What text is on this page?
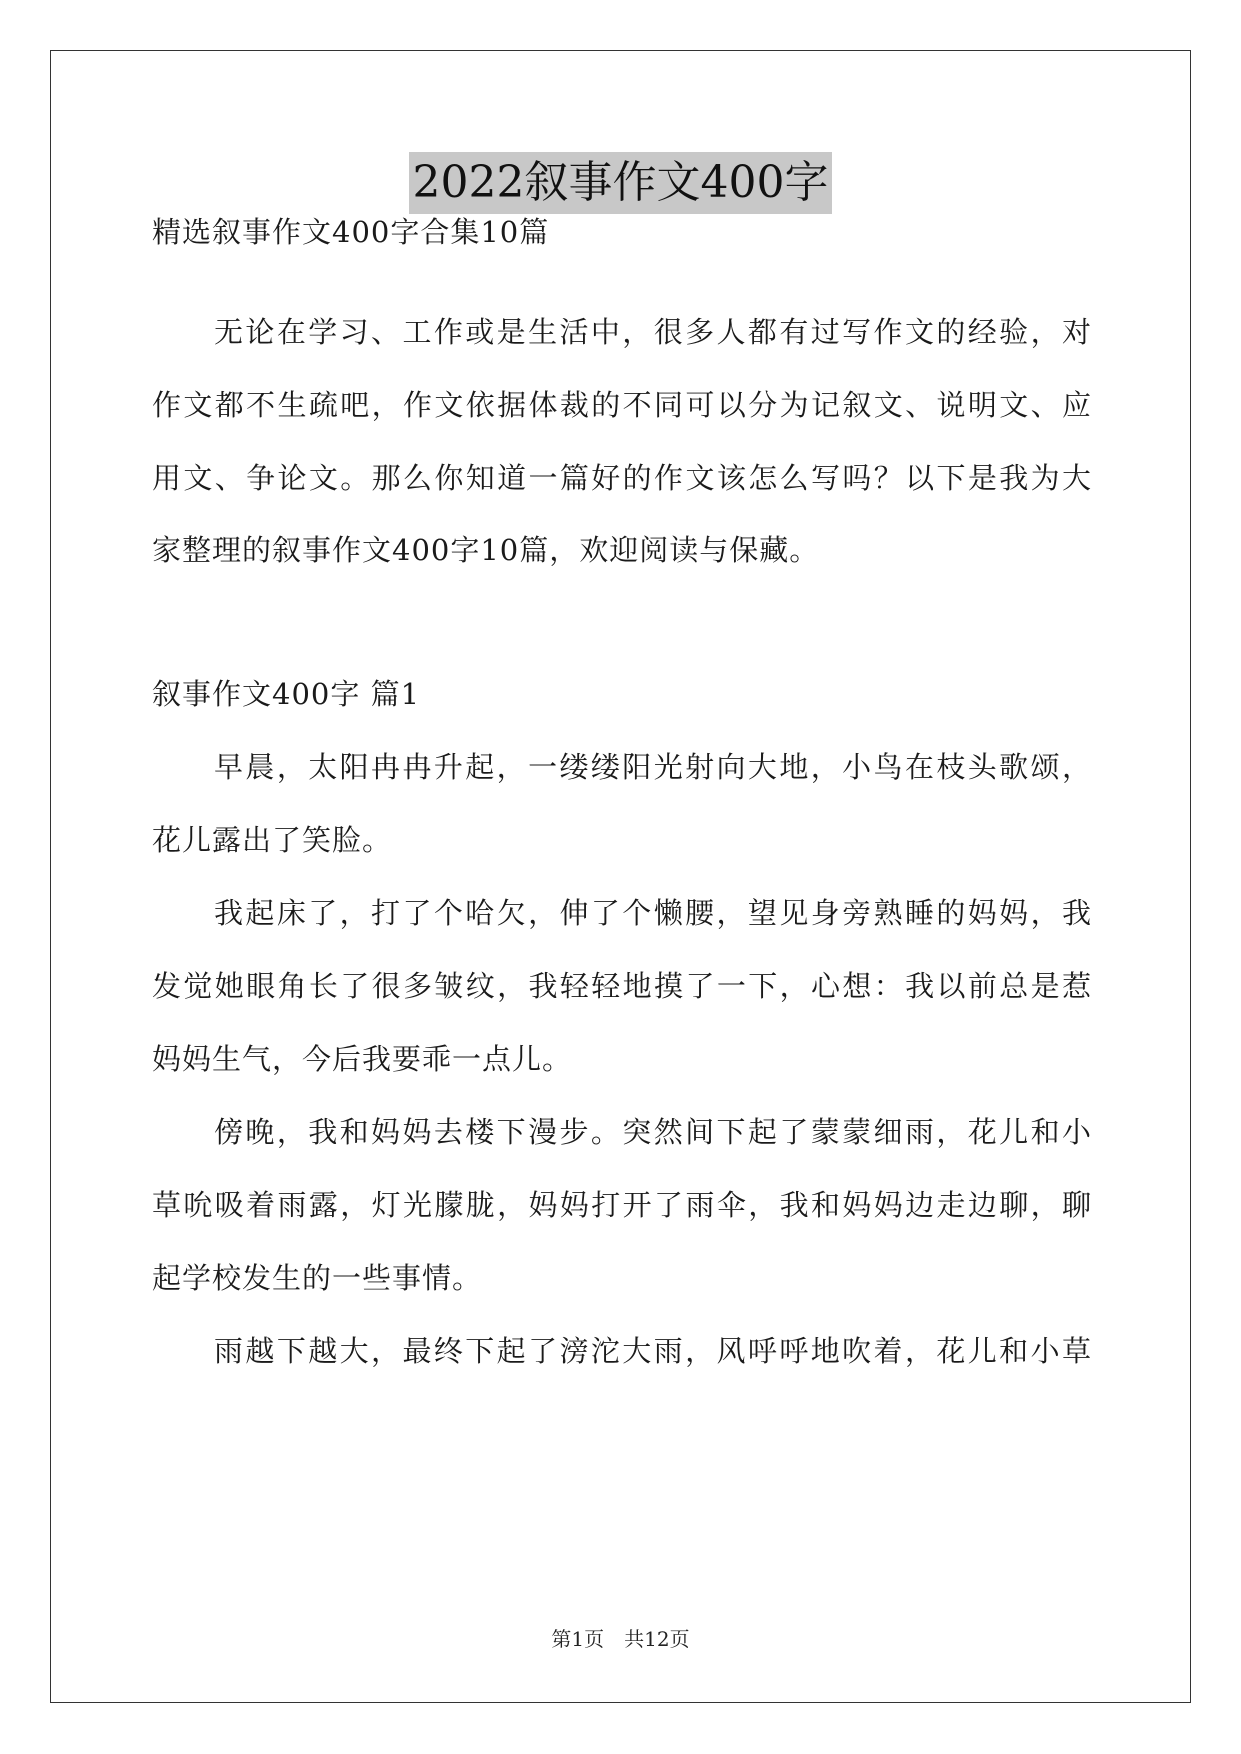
2022叙事作文400字
精选叙事作文400字合集10篇
无论在学习、工作或是生活中，很多人都有过写作文的经验，对
作文都不生疏吧，作文依据体裁的不同可以分为记叙文、说明文、应
用文、争论文。那么你知道一篇好的作文该怎么写吗？以下是我为大
家整理的叙事作文400字10篇，欢迎阅读与保藏。
叙事作文400字 篇1
早晨，太阳冉冉升起，一缕缕阳光射向大地，小鸟在枝头歌颂，
花儿露出了笑脸。
我起床了，打了个哈欠，伸了个懒腰，望见身旁熟睡的妈妈，我
发觉她眼角长了很多皱纹，我轻轻地摸了一下，心想：我以前总是惹
妈妈生气，今后我要乖一点儿。
傍晚，我和妈妈去楼下漫步。突然间下起了蒙蒙细雨，花儿和小
草吮吸着雨露，灯光朦胧，妈妈打开了雨伞，我和妈妈边走边聊，聊
起学校发生的一些事情。
雨越下越大，最终下起了滂沱大雨，风呼呼地吹着，花儿和小草
第1页　共12页
